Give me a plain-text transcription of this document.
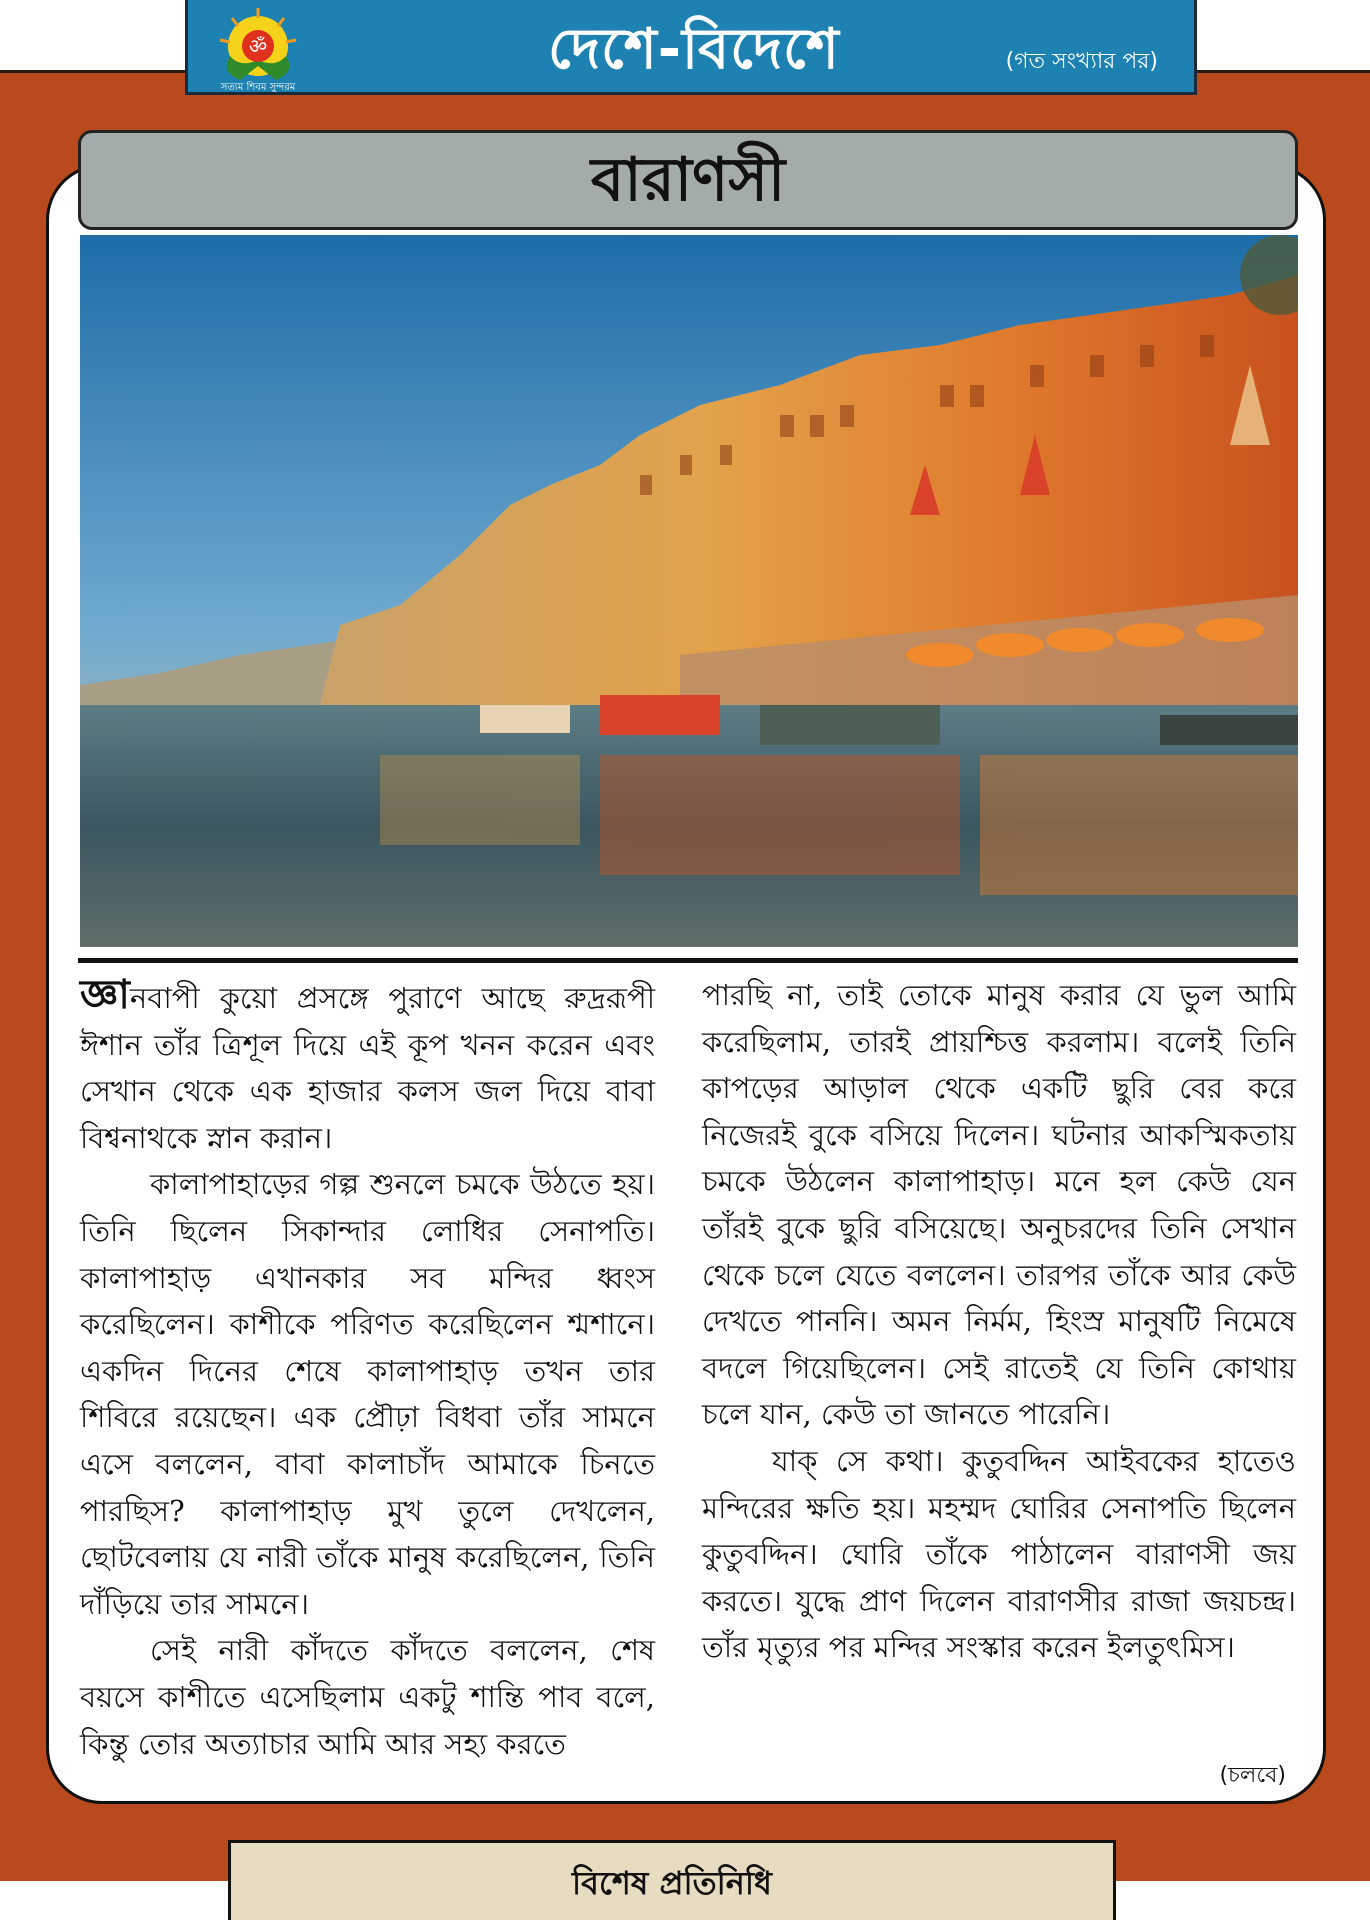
ॐ
সত্যম শিবম সুন্দরম
দেশে-বিদেশে	(গত সংখ্যার পর)
বারাণসী

জ্ঞানবাপী কুয়ো প্রসঙ্গে পুরাণে আছে রুদ্ররূপী ঈশান তাঁর ত্রিশূল দিয়ে এই কূপ খনন করেন এবং সেখান থেকে এক হাজার কলস জল দিয়ে বাবা বিশ্বনাথকে স্নান করান।

কালাপাহাড়ের গল্প শুনলে চমকে উঠতে হয়। তিনি ছিলেন সিকান্দার লোধির সেনাপতি। কালাপাহাড় এখানকার সব মন্দির ধ্বংস করেছিলেন। কাশীকে পরিণত করেছিলেন শ্মশানে। একদিন দিনের শেষে কালাপাহাড় তখন তার শিবিরে রয়েছেন। এক প্রৌঢ়া বিধবা তাঁর সামনে এসে বললেন, বাবা কালাচাঁদ আমাকে চিনতে পারছিস? কালাপাহাড় মুখ তুলে দেখলেন, ছোটবেলায় যে নারী তাঁকে মানুষ করেছিলেন, তিনি দাঁড়িয়ে তার সামনে।

সেই নারী কাঁদতে কাঁদতে বললেন, শেষ বয়সে কাশীতে এসেছিলাম একটু শান্তি পাব বলে, কিন্তু তোর অত্যাচার আমি আর সহ্য করতে

পারছি না, তাই তোকে মানুষ করার যে ভুল আমি করেছিলাম, তারই প্রায়শ্চিত্ত করলাম। বলেই তিনি কাপড়ের আড়াল থেকে একটি ছুরি বের করে নিজেরই বুকে বসিয়ে দিলেন। ঘটনার আকস্মিকতায় চমকে উঠলেন কালাপাহাড়। মনে হল কেউ যেন তাঁরই বুকে ছুরি বসিয়েছে। অনুচরদের তিনি সেখান থেকে চলে যেতে বললেন। তারপর তাঁকে আর কেউ দেখতে পাননি। অমন নির্মম, হিংস্র মানুষটি নিমেষে বদলে গিয়েছিলেন। সেই রাতেই যে তিনি কোথায় চলে যান, কেউ তা জানতে পারেনি।

যাক্ সে কথা। কুতুবদ্দিন আইবকের হাতেও মন্দিরের ক্ষতি হয়। মহম্মদ ঘোরির সেনাপতি ছিলেন কুতুবদ্দিন। ঘোরি তাঁকে পাঠালেন বারাণসী জয় করতে। যুদ্ধে প্রাণ দিলেন বারাণসীর রাজা জয়চন্দ্র। তাঁর মৃত্যুর পর মন্দির সংস্কার করেন ইলতুৎমিস।

(চলবে)
বিশেষ প্রতিনিধি
